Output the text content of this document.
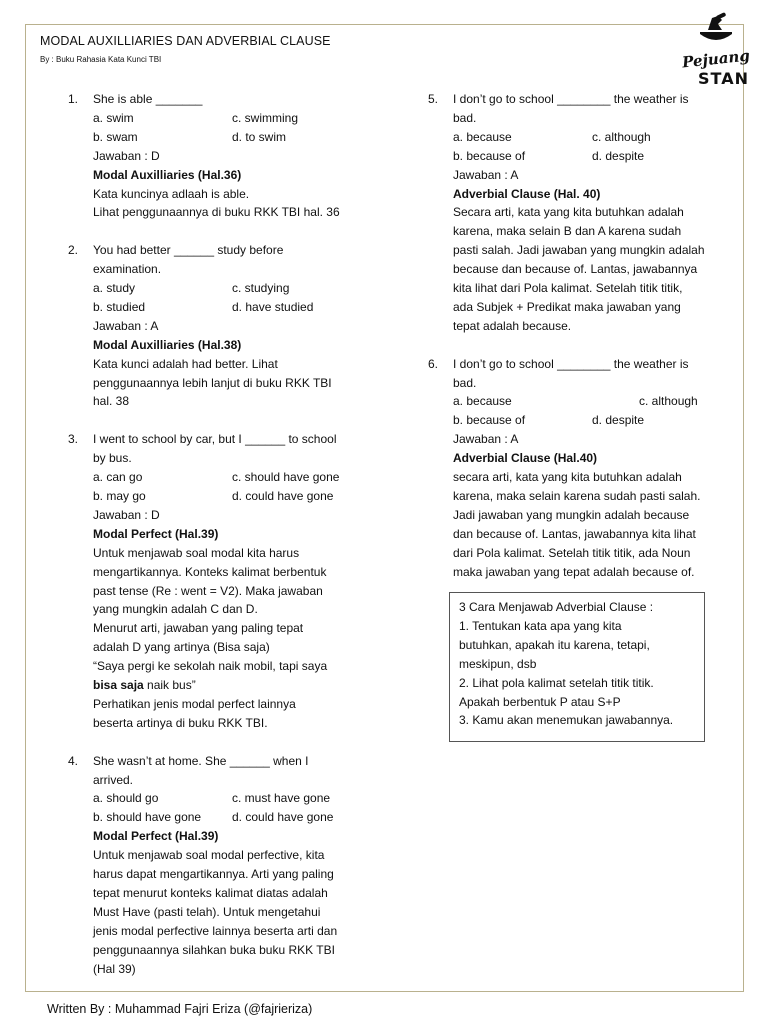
MODAL AUXILLIARIES DAN ADVERBIAL CLAUSE
By : Buku Rahasia Kata Kunci TBI	Pejuang
STAN
1. She is able _______

a. swim	c. swimming
b. swam	d. to swim

Jawaban : D

Modal Auxilliaries (Hal.36)

Kata kuncinya adlaah is able.

Lihat penggunaannya di buku RKK TBI hal. 36

2. You had better ______ study before

examination.

a. study	c. studying
b. studied	d. have studied

Jawaban : A

Modal Auxilliaries (Hal.38)

Kata kunci adalah had better. Lihat

penggunaannya lebih lanjut di buku RKK TBI

hal. 38

3. I went to school by car, but I ______ to school

by bus.

a. can go	c. should have gone
b. may go	d. could have gone

Jawaban : D

Modal Perfect (Hal.39)

Untuk menjawab soal modal kita harus

mengartikannya. Konteks kalimat berbentuk

past tense (Re : went = V2). Maka jawaban

yang mungkin adalah C dan D.

Menurut arti, jawaban yang paling tepat

adalah D yang artinya (Bisa saja)

“Saya pergi ke sekolah naik mobil, tapi saya

bisa saja naik bus”

Perhatikan jenis modal perfect lainnya

beserta artinya di buku RKK TBI.

4. She wasn’t at home. She ______ when I

arrived.

a. should go	c. must have gone
b. should have gone	d. could have gone

Modal Perfect (Hal.39)

Untuk menjawab soal modal perfective, kita

harus dapat mengartikannya. Arti yang paling

tepat menurut konteks kalimat diatas adalah

Must Have (pasti telah). Untuk mengetahui

jenis modal perfective lainnya beserta arti dan

penggunaannya silahkan buka buku RKK TBI

(Hal 39)

5. I don’t go to school ________ the weather is

bad.

a. because	c. although
b. because of	d. despite

Jawaban : A

Adverbial Clause (Hal. 40)

Secara arti, kata yang kita butuhkan adalah

karena, maka selain B dan A karena sudah

pasti salah. Jadi jawaban yang mungkin adalah

because dan because of. Lantas, jawabannya

kita lihat dari Pola kalimat. Setelah titik titik,

ada Subjek + Predikat maka jawaban yang

tepat adalah because.

6. I don’t go to school ________ the weather is

bad.

a. because	c. although
b. because of	d. despite

Jawaban : A

Adverbial Clause (Hal.40)

secara arti, kata yang kita butuhkan adalah

karena, maka selain karena sudah pasti salah.

Jadi jawaban yang mungkin adalah because

dan because of. Lantas, jawabannya kita lihat

dari Pola kalimat. Setelah titik titik, ada Noun

maka jawaban yang tepat adalah because of.

3 Cara Menjawab Adverbial Clause :

1. Tentukan kata apa yang kita

butuhkan, apakah itu karena, tetapi,

meskipun, dsb

2. Lihat pola kalimat setelah titik titik.

Apakah berbentuk P atau S+P

3. Kamu akan menemukan jawabannya.

Written By : Muhammad Fajri Eriza (@fajrieriza)
